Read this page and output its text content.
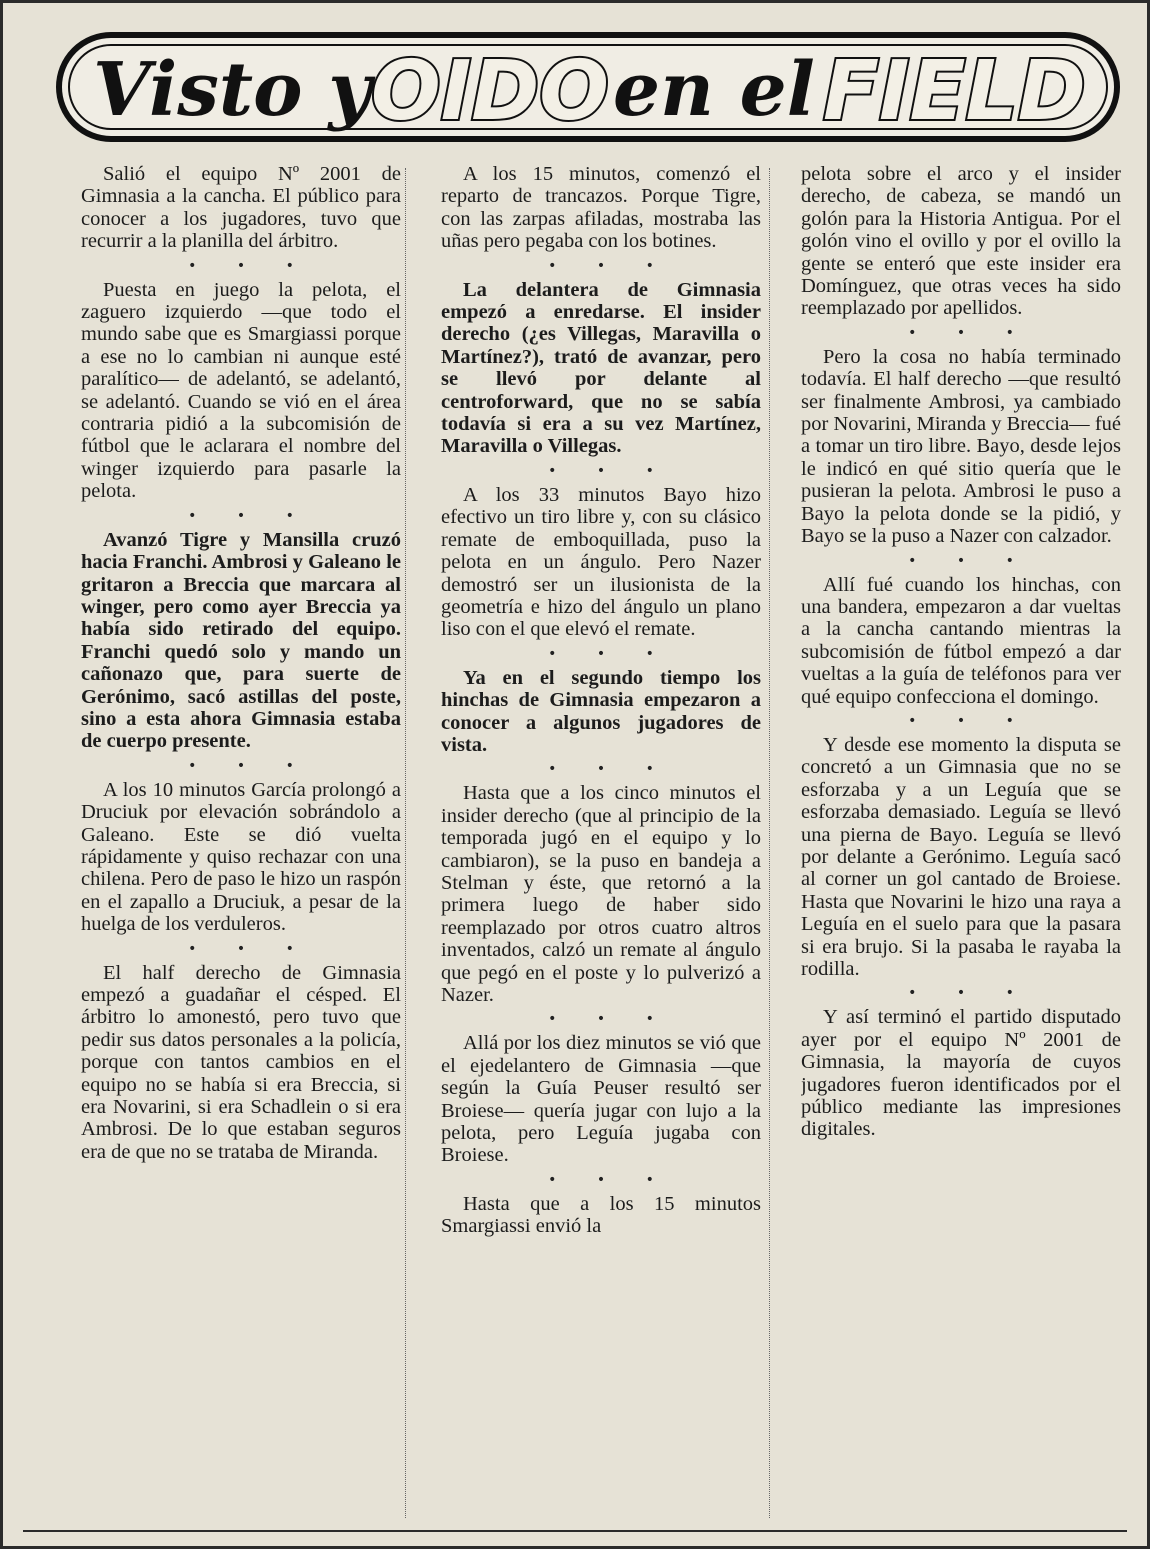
Visto y OIDO en el FIELD

Salió el equipo Nº 2001 de Gimnasia a la cancha. El público para conocer a los jugadores, tuvo que recurrir a la planilla del árbitro.

• • •

Puesta en juego la pelota, el zaguero izquierdo —que todo el mundo sabe que es Smargiassi porque a ese no lo cambian ni aunque esté paralítico— de adelantó, se adelantó, se adelantó. Cuando se vió en el área contraria pidió a la subcomisión de fútbol que le aclarara el nombre del winger izquierdo para pasarle la pelota.

• • •

Avanzó Tigre y Mansilla cruzó hacia Franchi. Ambrosi y Galeano le gritaron a Breccia que marcara al winger, pero como ayer Breccia ya había sido retirado del equipo. Franchi quedó solo y mando un cañonazo que, para suerte de Gerónimo, sacó astillas del poste, sino a esta ahora Gimnasia estaba de cuerpo presente.

• • •

A los 10 minutos García prolongó a Druciuk por elevación sobrándolo a Galeano. Este se dió vuelta rápidamente y quiso rechazar con una chilena. Pero de paso le hizo un raspón en el zapallo a Druciuk, a pesar de la huelga de los verduleros.

• • •

El half derecho de Gimnasia empezó a guadañar el césped. El árbitro lo amonestó, pero tuvo que pedir sus datos personales a la policía, porque con tantos cambios en el equipo no se había si era Breccia, si era Novarini, si era Schadlein o si era Ambrosi. De lo que estaban seguros era de que no se trataba de Miranda.

A los 15 minutos, comenzó el reparto de trancazos. Porque Tigre, con las zarpas afiladas, mostraba las uñas pero pegaba con los botines.

• • •

La delantera de Gimnasia empezó a enredarse. El insider derecho (¿es Villegas, Maravilla o Martínez?), trató de avanzar, pero se llevó por delante al centroforward, que no se sabía todavía si era a su vez Martínez, Maravilla o Villegas.

• • •

A los 33 minutos Bayo hizo efectivo un tiro libre y, con su clásico remate de emboquillada, puso la pelota en un ángulo. Pero Nazer demostró ser un ilusionista de la geometría e hizo del ángulo un plano liso con el que elevó el remate.

• • •

Ya en el segundo tiempo los hinchas de Gimnasia empezaron a conocer a algunos jugadores de vista.

• • •

Hasta que a los cinco minutos el insider derecho (que al principio de la temporada jugó en el equipo y lo cambiaron), se la puso en bandeja a Stelman y éste, que retornó a la primera luego de haber sido reemplazado por otros cuatro altros inventados, calzó un remate al ángulo que pegó en el poste y lo pulverizó a Nazer.

• • •

Allá por los diez minutos se vió que el ejedelantero de Gimnasia —que según la Guía Peuser resultó ser Broiese— quería jugar con lujo a la pelota, pero Leguía jugaba con Broiese.

• • •

Hasta que a los 15 minutos Smargiassi envió la

pelota sobre el arco y el insider derecho, de cabeza, se mandó un golón para la Historia Antigua. Por el golón vino el ovillo y por el ovillo la gente se enteró que este insider era Domínguez, que otras veces ha sido reemplazado por apellidos.

• • •

Pero la cosa no había terminado todavía. El half derecho —que resultó ser finalmente Ambrosi, ya cambiado por Novarini, Miranda y Breccia— fué a tomar un tiro libre. Bayo, desde lejos le indicó en qué sitio quería que le pusieran la pelota. Ambrosi le puso a Bayo la pelota donde se la pidió, y Bayo se la puso a Nazer con calzador.

• • •

Allí fué cuando los hinchas, con una bandera, empezaron a dar vueltas a la cancha cantando mientras la subcomisión de fútbol empezó a dar vueltas a la guía de teléfonos para ver qué equipo confecciona el domingo.

• • •

Y desde ese momento la disputa se concretó a un Gimnasia que no se esforzaba y a un Leguía que se esforzaba demasiado. Leguía se llevó una pierna de Bayo. Leguía se llevó por delante a Gerónimo. Leguía sacó al corner un gol cantado de Broiese. Hasta que Novarini le hizo una raya a Leguía en el suelo para que la pasara si era brujo. Si la pasaba le rayaba la rodilla.

• • •

Y así terminó el partido disputado ayer por el equipo Nº 2001 de Gimnasia, la mayoría de cuyos jugadores fueron identificados por el público mediante las impresiones digitales.
